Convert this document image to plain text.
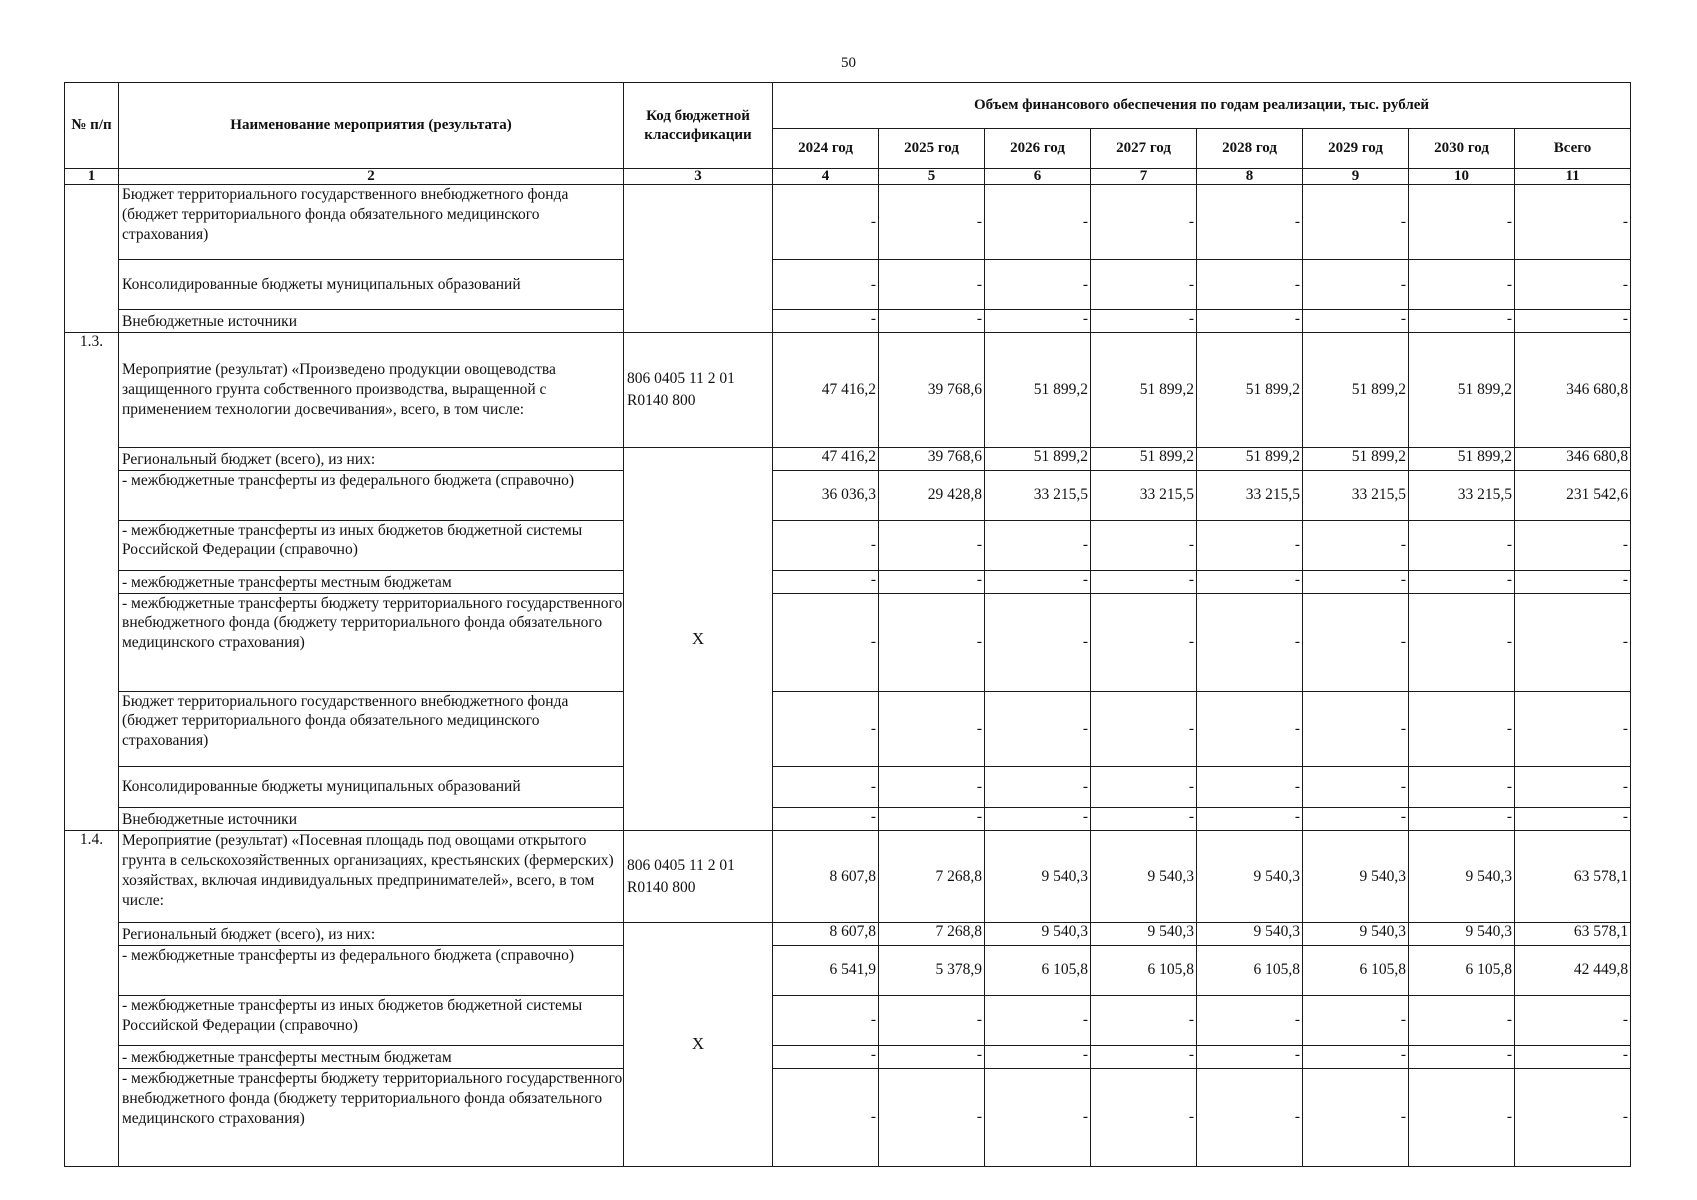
50
№ п/п	Наименование мероприятия (результата)	Код бюджетной классификации	Объем финансового обеспечения по годам реализации, тыс. рублей							
			2024 год	2025 год	2026 год	2027 год	2028 год	2029 год	2030 год	Всего
1	2	3	4	5	6	7	8	9	10	11
	Бюджет территориального государственного внебюджетного фонда (бюджет территориального фонда обязательного медицинского страхования)		-	-	-	-	-	-	-	-
	Консолидированные бюджеты муниципальных образований		-	-	-	-	-	-	-	-
	Внебюджетные источники		-	-	-	-	-	-	-	-
1.3.	Мероприятие (результат) «Произведено продукции овощеводства защищенного грунта собственного производства, выращенной с применением технологии досвечивания», всего, в том числе:	806 0405 11 2 01 R0140 800	47 416,2	39 768,6	51 899,2	51 899,2	51 899,2	51 899,2	51 899,2	346 680,8
	Региональный бюджет (всего), из них:	X	47 416,2	39 768,6	51 899,2	51 899,2	51 899,2	51 899,2	51 899,2	346 680,8
	- межбюджетные трансферты из федерального бюджета (справочно)		36 036,3	29 428,8	33 215,5	33 215,5	33 215,5	33 215,5	33 215,5	231 542,6
	- межбюджетные трансферты из иных бюджетов бюджетной системы Российской Федерации (справочно)		-	-	-	-	-	-	-	-
	- межбюджетные трансферты местным бюджетам		-	-	-	-	-	-	-	-
	- межбюджетные трансферты бюджету территориального государственного внебюджетного фонда (бюджету территориального фонда обязательного медицинского страхования)		-	-	-	-	-	-	-	-
	Бюджет территориального государственного внебюджетного фонда (бюджет территориального фонда обязательного медицинского страхования)		-	-	-	-	-	-	-	-
	Консолидированные бюджеты муниципальных образований		-	-	-	-	-	-	-	-
	Внебюджетные источники		-	-	-	-	-	-	-	-
1.4.	Мероприятие (результат) «Посевная площадь под овощами открытого грунта в сельскохозяйственных организациях, крестьянских (фермерских) хозяйствах, включая индивидуальных предпринимателей», всего, в том числе:	806 0405 11 2 01 R0140 800	8 607,8	7 268,8	9 540,3	9 540,3	9 540,3	9 540,3	9 540,3	63 578,1
	Региональный бюджет (всего), из них:	X	8 607,8	7 268,8	9 540,3	9 540,3	9 540,3	9 540,3	9 540,3	63 578,1
	- межбюджетные трансферты из федерального бюджета (справочно)		6 541,9	5 378,9	6 105,8	6 105,8	6 105,8	6 105,8	6 105,8	42 449,8
	- межбюджетные трансферты из иных бюджетов бюджетной системы Российской Федерации (справочно)		-	-	-	-	-	-	-	-
	- межбюджетные трансферты местным бюджетам		-	-	-	-	-	-	-	-
	- межбюджетные трансферты бюджету территориального государственного внебюджетного фонда (бюджету территориального фонда обязательного медицинского страхования)		-	-	-	-	-	-	-	-
